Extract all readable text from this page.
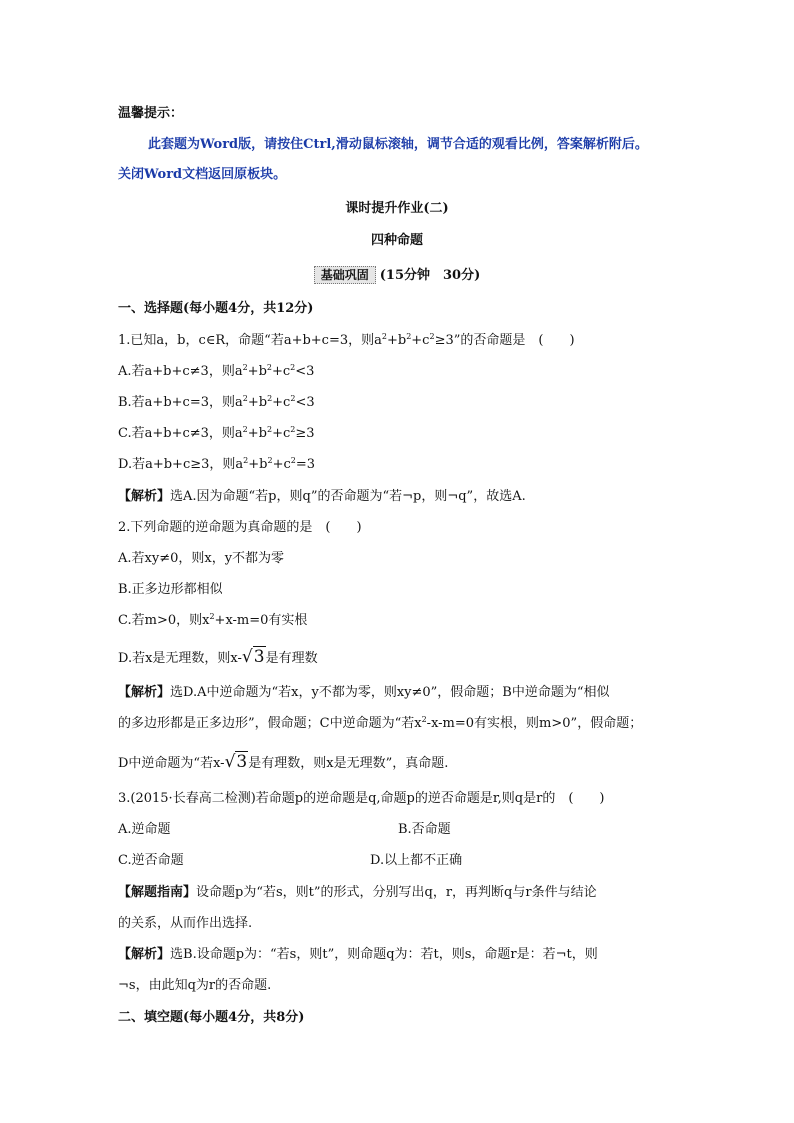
温馨提示：
此套题为Word版，请按住Ctrl,滑动鼠标滚轴，调节合适的观看比例，答案解析附后。
关闭Word文档返回原板块。
课时提升作业(二)
四种命题
基础巩固 (15分钟　30分)
一、选择题(每小题4分，共12分)
1.已知a，b，c∈R，命题“若a+b+c=3，则$a^2+b^2+c^2\ge 3$”的否命题是　(　　)
A.若a+b+c≠3，则$a^2+b^2+c^2<3$
B.若a+b+c=3，则$a^2+b^2+c^2<3$
C.若a+b+c≠3，则$a^2+b^2+c^2\ge 3$
D.若a+b+c≥3，则$a^2+b^2+c^2=3$
【解析】选A.因为命题“若p，则q”的否命题为“若¬p，则¬q”，故选A.
2.下列命题的逆命题为真命题的是　(　　)
A.若xy≠0，则x，y不都为零
B.正多边形都相似
C.若m>0，则$x^2+x-m=0$有实根
D.若x是无理数，则x-√3是有理数
【解析】选D.A中逆命题为“若x，y不都为零，则xy≠0”，假命题；B中逆命题为“相似
的多边形都是正多边形”，假命题；C中逆命题为“若$x^2-x-m=0$有实根，则m>0”，假命题；
D中逆命题为“若x-√3是有理数，则x是无理数”，真命题.
3.(2015·长春高二检测)若命题p的逆命题是q,命题p的逆否命题是r,则q是r的　(　　)
A.逆命题	B.否命题
C.逆否命题	D.以上都不正确
【解题指南】设命题p为“若s，则t”的形式，分别写出q，r，再判断q与r条件与结论
的关系，从而作出选择.
【解析】选B.设命题p为：“若s，则t”，则命题q为：若t，则s，命题r是：若¬t，则
¬s，由此知q为r的否命题.
二、填空题(每小题4分，共8分)
